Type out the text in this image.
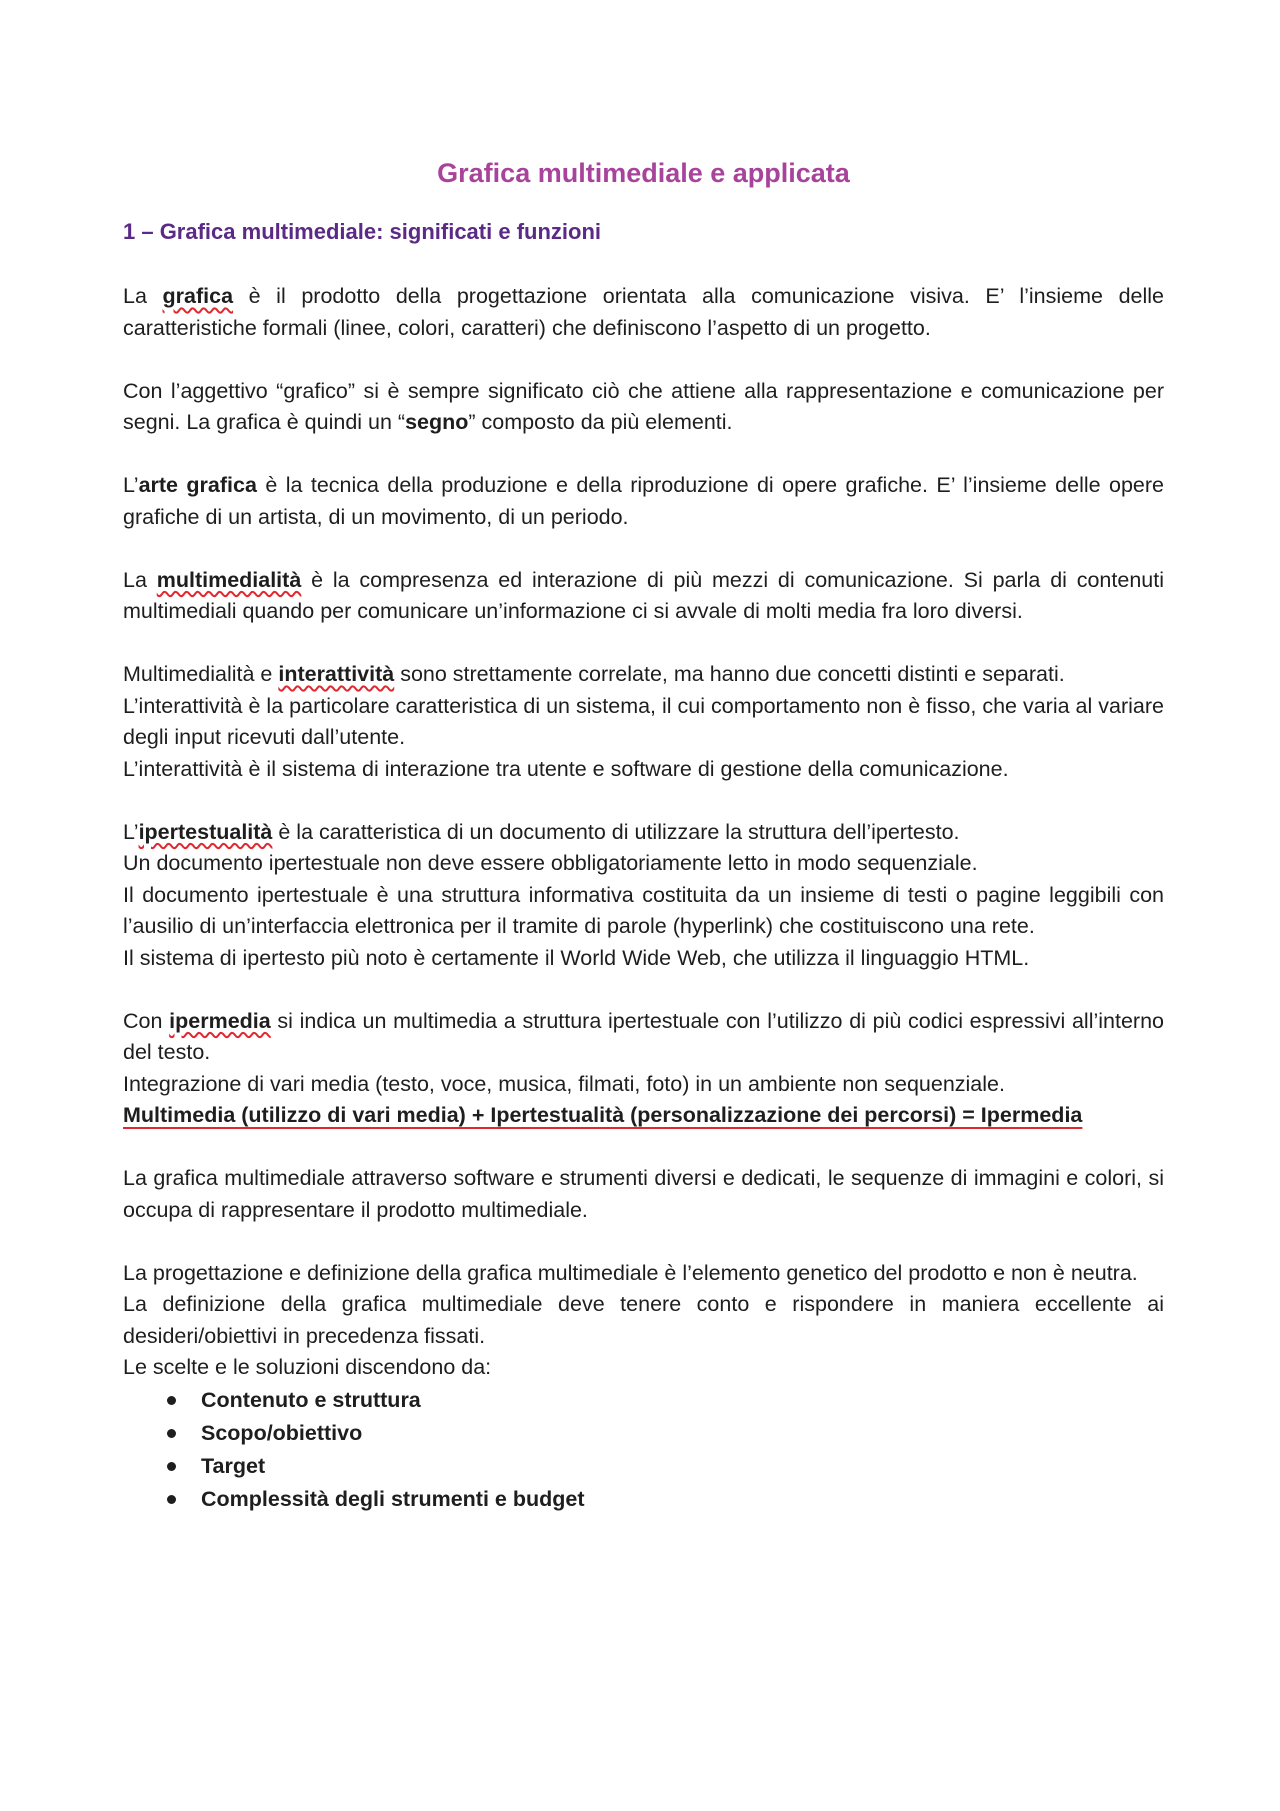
Grafica multimediale e applicata
1 – Grafica multimediale: significati e funzioni

La grafica è il prodotto della progettazione orientata alla comunicazione visiva. E’ l’insieme delle caratteristiche formali (linee, colori, caratteri) che definiscono l’aspetto di un progetto.

Con l’aggettivo “grafico” si è sempre significato ciò che attiene alla rappresentazione e comunicazione per segni. La grafica è quindi un “segno” composto da più elementi.

L’arte grafica è la tecnica della produzione e della riproduzione di opere grafiche. E’ l’insieme delle opere grafiche di un artista, di un movimento, di un periodo.

La multimedialità è la compresenza ed interazione di più mezzi di comunicazione. Si parla di contenuti multimediali quando per comunicare un’informazione ci si avvale di molti media fra loro diversi.

Multimedialità e interattività sono strettamente correlate, ma hanno due concetti distinti e separati.
L’interattività è la particolare caratteristica di un sistema, il cui comportamento non è fisso, che varia al variare degli input ricevuti dall’utente.
L’interattività è il sistema di interazione tra utente e software di gestione della comunicazione.

L’ipertestualità è la caratteristica di un documento di utilizzare la struttura dell’ipertesto.
Un documento ipertestuale non deve essere obbligatoriamente letto in modo sequenziale.
Il documento ipertestuale è una struttura informativa costituita da un insieme di testi o pagine leggibili con l’ausilio di un’interfaccia elettronica per il tramite di parole (hyperlink) che costituiscono una rete.
Il sistema di ipertesto più noto è certamente il World Wide Web, che utilizza il linguaggio HTML.

Con ipermedia si indica un multimedia a struttura ipertestuale con l’utilizzo di più codici espressivi all’interno del testo.
Integrazione di vari media (testo, voce, musica, filmati, foto) in un ambiente non sequenziale.
Multimedia (utilizzo di vari media) + Ipertestualità (personalizzazione dei percorsi) = Ipermedia

La grafica multimediale attraverso software e strumenti diversi e dedicati, le sequenze di immagini e colori, si occupa di rappresentare il prodotto multimediale.

La progettazione e definizione della grafica multimediale è l’elemento genetico del prodotto e non è neutra.
La definizione della grafica multimediale deve tenere conto e rispondere in maniera eccellente ai desideri/obiettivi in precedenza fissati.
Le scelte e le soluzioni discendono da:

Contenuto e struttura
Scopo/obiettivo
Target
Complessità degli strumenti e budget
